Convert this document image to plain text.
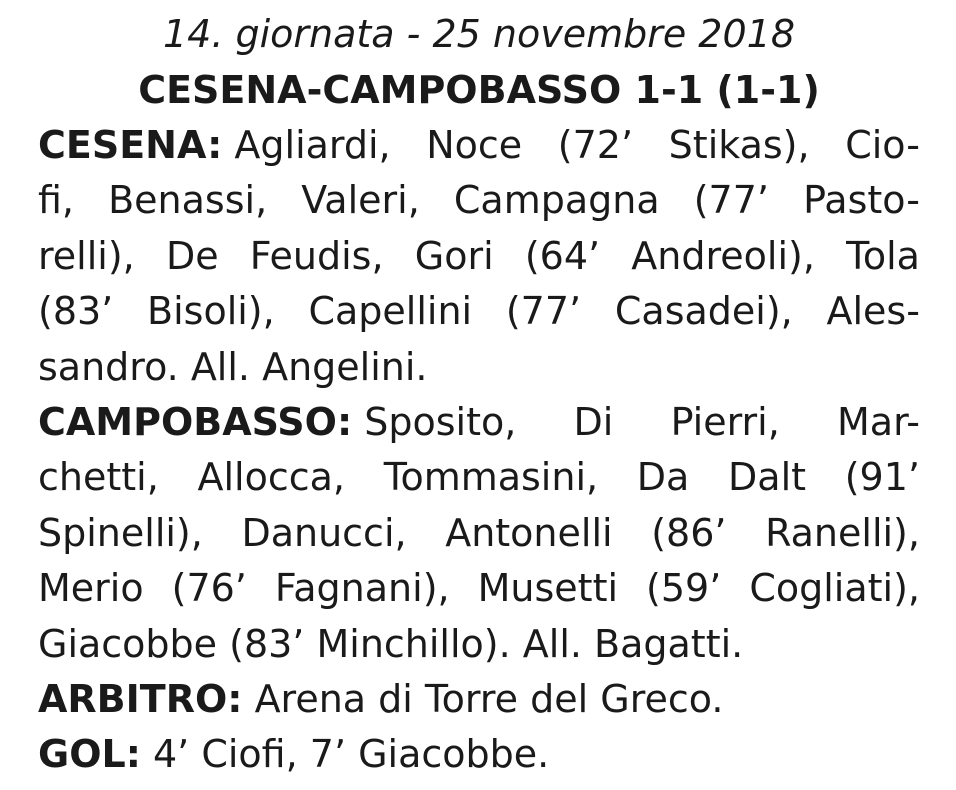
14. giornata - 25 novembre 2018
CESENA-CAMPOBASSO 1-1 (1-1)
CESENA: Agliardi, Noce (72’ Stikas), Cio-
fi, Benassi, Valeri, Campagna (77’ Pasto-
relli), De Feudis, Gori (64’ Andreoli), Tola
(83’ Bisoli), Capellini (77’ Casadei), Ales-
sandro. All. Angelini.
CAMPOBASSO: Sposito, Di Pierri, Mar-
chetti, Allocca, Tommasini, Da Dalt (91’
Spinelli), Danucci, Antonelli (86’ Ranelli),
Merio (76’ Fagnani), Musetti (59’ Cogliati),
Giacobbe (83’ Minchillo). All. Bagatti.
ARBITRO: Arena di Torre del Greco.
GOL: 4’ Ciofi, 7’ Giacobbe.
